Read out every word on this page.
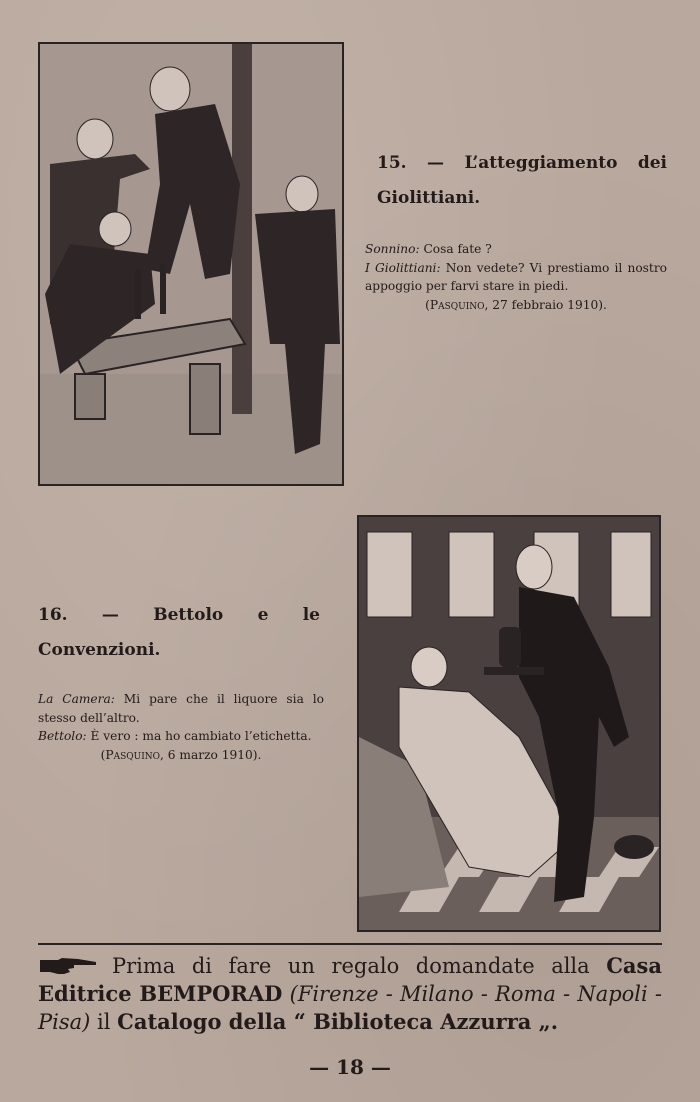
15. — L’atteggiamento dei Giolittiani.
Sonnino: Cosa fate ?
I Giolittiani: Non vedete? Vi prestiamo il nostro appoggio per farvi stare in piedi.
(Pasquino, 27 febbraio 1910).
16. — Bettolo e le Convenzioni.
La Camera: Mi pare che il liquore sia lo stesso dell’altro.
Bettolo: È vero : ma ho cambiato l’etichetta.
(Pasquino, 6 marzo 1910).
Prima di fare un regalo domandate alla Casa Editrice BEMPORAD (Firenze - Milano - Roma - Napoli - Pisa) il Catalogo della “ Biblioteca Azzurra „.
— 18 —
